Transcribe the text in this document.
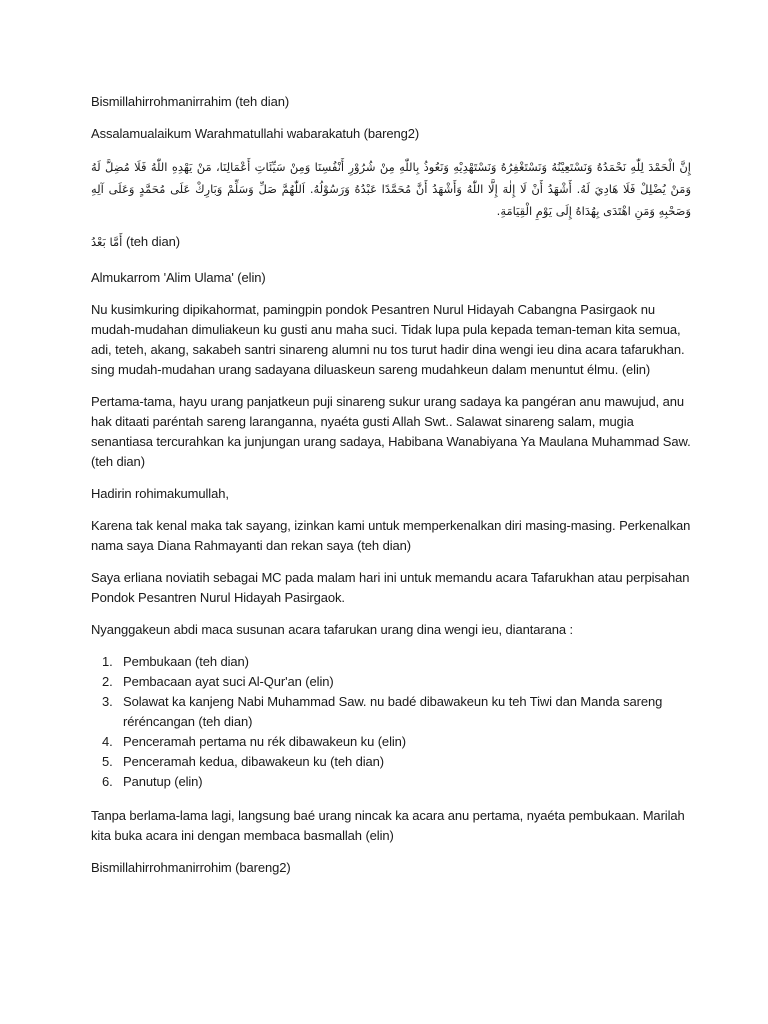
Bismillahirrohmanirrahim (teh dian)

Assalamualaikum Warahmatullahi wabarakatuh (bareng2)

إِنَّ الْحَمْدَ لِلّٰهِ نَحْمَدُهُ وَنَسْتَعِيْنُهُ وَنَسْتَغْفِرُهُ وَنَسْتَهْدِيْهِ وَنَعُوذُ بِاللّٰهِ مِنْ شُرُوْرِ أَنْفُسِنَا وَمِنْ سَيِّئَاتِ أَعْمَالِنَا، مَنْ يَهْدِهِ اللّٰهُ فَلَا مُضِلَّ لَهُ وَمَنْ يُضْلِلْ فَلَا هَادِيَ لَهُ. أَشْهَدُ أَنْ لَا إِلٰهَ إِلَّا اللّٰهُ وَأَشْهَدُ أَنَّ مُحَمَّدًا عَبْدُهُ وَرَسُوْلُهُ. اَللّٰهُمَّ صَلِّ وَسَلِّمْ وَبَارِكْ عَلَى مُحَمَّدٍ وَعَلَى آلِهِ وَصَحْبِهِ وَمَنِ اهْتَدَى بِهُدَاهُ إِلَى يَوْمِ الْقِيَامَةِ.

أَمَّا بَعْدُ (teh dian)

Almukarrom 'Alim Ulama' (elin)

Nu kusimkuring dipikahormat, pamingpin pondok Pesantren Nurul Hidayah Cabangna Pasirgaok nu mudah-mudahan dimuliakeun ku gusti anu maha suci. Tidak lupa pula kepada teman-teman kita semua, adi, teteh, akang, sakabeh santri sinareng alumni nu tos turut hadir dina wengi ieu dina acara tafarukhan. sing mudah-mudahan urang sadayana diluaskeun sareng mudahkeun dalam menuntut élmu. (elin)

Pertama-tama, hayu urang panjatkeun puji sinareng sukur urang sadaya ka pangéran anu mawujud, anu hak ditaati paréntah sareng laranganna, nyaéta gusti Allah Swt.. Salawat sinareng salam, mugia senantiasa tercurahkan ka junjungan urang sadaya, Habibana Wanabiyana Ya Maulana Muhammad Saw. (teh dian)

Hadirin rohimakumullah,

Karena tak kenal maka tak sayang, izinkan kami untuk memperkenalkan diri masing-masing. Perkenalkan nama saya Diana Rahmayanti dan rekan saya (teh dian)

Saya erliana noviatih sebagai MC pada malam hari ini untuk memandu acara Tafarukhan atau perpisahan Pondok Pesantren Nurul Hidayah Pasirgaok.

Nyanggakeun abdi maca susunan acara tafarukan urang dina wengi ieu, diantarana :

1. Pembukaan (teh dian)
2. Pembacaan ayat suci Al-Qur'an (elin)
3. Solawat ka kanjeng Nabi Muhammad Saw. nu badé dibawakeun ku teh Tiwi dan Manda sareng réréncangan (teh dian)
4. Penceramah pertama nu rék dibawakeun ku (elin)
5. Penceramah kedua, dibawakeun ku (teh dian)
6. Panutup (elin)

Tanpa berlama-lama lagi, langsung baé urang nincak ka acara anu pertama, nyaéta pembukaan. Marilah kita buka acara ini dengan membaca basmallah (elin)

Bismillahirrohmanirrohim (bareng2)
